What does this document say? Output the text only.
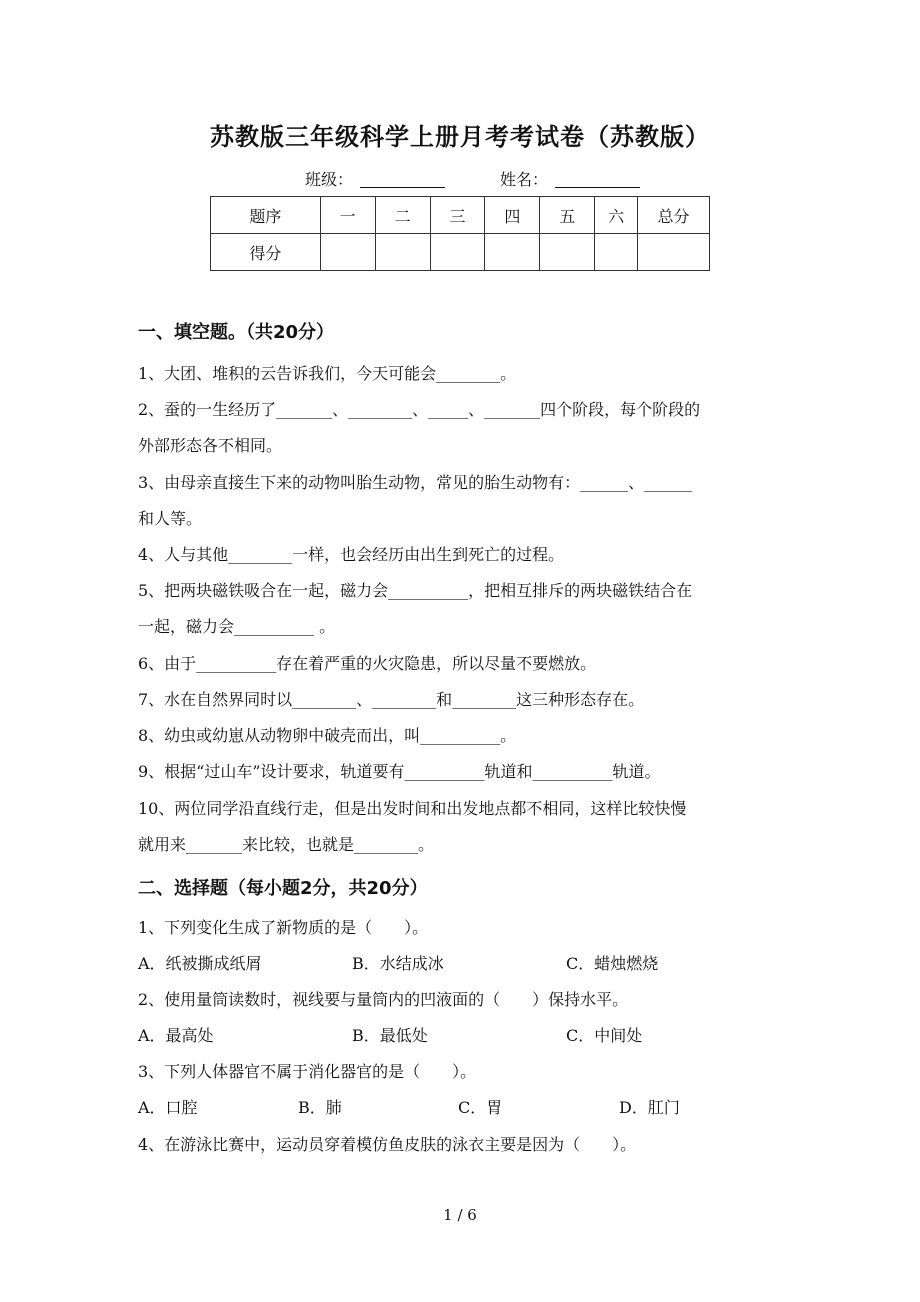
苏教版三年级科学上册月考考试卷（苏教版）
班级：	姓名：
题序	一	二	三	四	五	六	总分
得分							
一、填空题。（共20分）
1、大团、堆积的云告诉我们，今天可能会________。
2、蚕的一生经历了_______、________、_____、_______四个阶段，每个阶段的
外部形态各不相同。
3、由母亲直接生下来的动物叫胎生动物，常见的胎生动物有：______、______
和人等。
4、人与其他________一样，也会经历由出生到死亡的过程。
5、把两块磁铁吸合在一起，磁力会__________，把相互排斥的两块磁铁结合在
一起，磁力会__________ 。
6、由于__________存在着严重的火灾隐患，所以尽量不要燃放。
7、水在自然界同时以________、________和________这三种形态存在。
8、幼虫或幼崽从动物卵中破壳而出，叫__________。
9、根据“过山车”设计要求，轨道要有__________轨道和__________轨道。
10、两位同学沿直线行走，但是出发时间和出发地点都不相同，这样比较快慢
就用来_______来比较，也就是________。
二、选择题（每小题2分，共20分）
1、下列变化生成了新物质的是（　　）。
A．纸被撕成纸屑	B．水结成冰	C．蜡烛燃烧
2、使用量筒读数时，视线要与量筒内的凹液面的（　　）保持水平。
A．最高处	B．最低处	C．中间处
3、下列人体器官不属于消化器官的是（　　）。
A．口腔	B．肺	C．胃	D．肛门
4、在游泳比赛中，运动员穿着模仿鱼皮肤的泳衣主要是因为（　　）。
1 / 6
